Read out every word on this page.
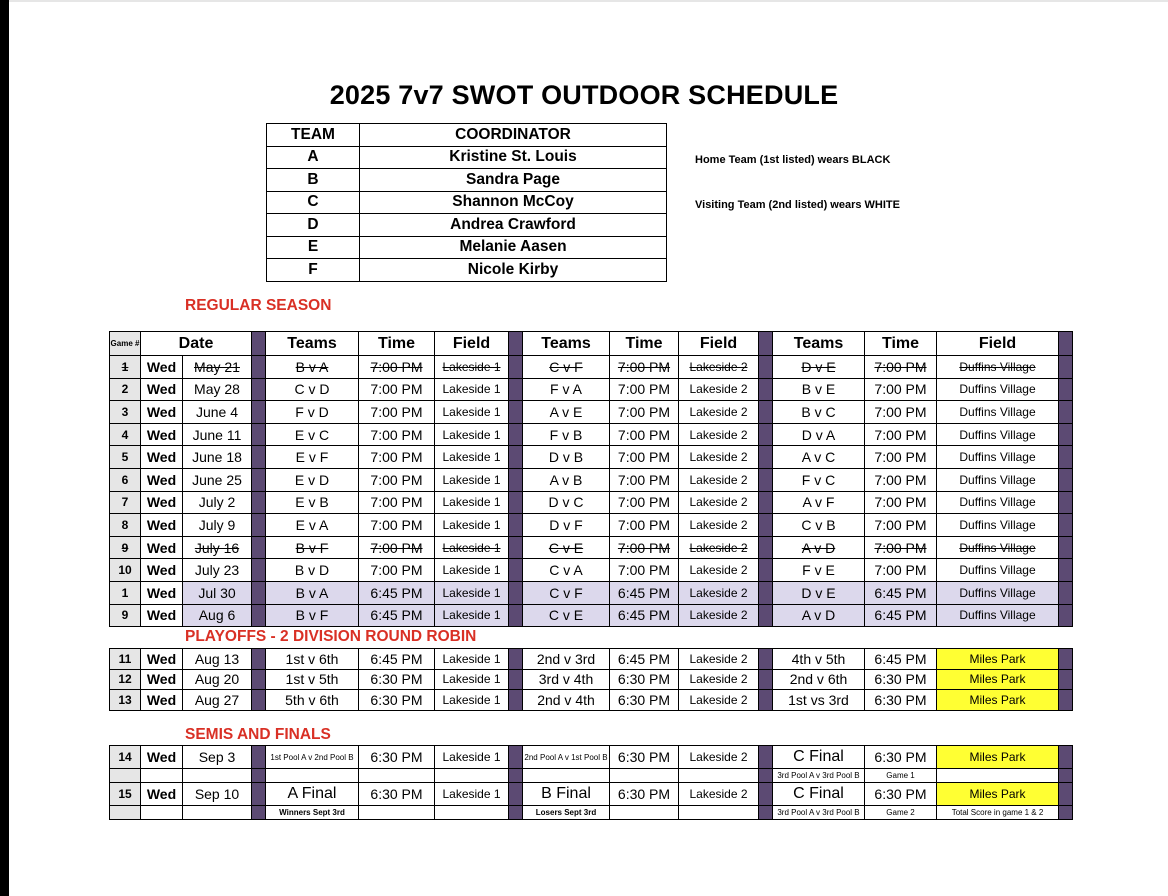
2025 7v7 SWOT OUTDOOR SCHEDULE
TEAM	COORDINATOR
A	Kristine St. Louis
B	Sandra Page
C	Shannon McCoy
D	Andrea Crawford
E	Melanie Aasen
F	Nicole Kirby
Home Team (1st listed) wears BLACK
Visiting Team (2nd listed) wears WHITE
REGULAR SEASON
Game #	Date			Teams	Time	Field		Teams	Time	Field		Teams	Time	Field	
1	Wed	May 21		B v A	7:00 PM	Lakeside 1		C v F	7:00 PM	Lakeside 2		D v E	7:00 PM	Duffins Village	
2	Wed	May 28		C v D	7:00 PM	Lakeside 1		F v A	7:00 PM	Lakeside 2		B v E	7:00 PM	Duffins Village	
3	Wed	June 4		F v D	7:00 PM	Lakeside 1		A v E	7:00 PM	Lakeside 2		B v C	7:00 PM	Duffins Village	
4	Wed	June 11		E v C	7:00 PM	Lakeside 1		F v B	7:00 PM	Lakeside 2		D v A	7:00 PM	Duffins Village	
5	Wed	June 18		E v F	7:00 PM	Lakeside 1		D v B	7:00 PM	Lakeside 2		A v C	7:00 PM	Duffins Village	
6	Wed	June 25		E v D	7:00 PM	Lakeside 1		A v B	7:00 PM	Lakeside 2		F v C	7:00 PM	Duffins Village	
7	Wed	July 2		E v B	7:00 PM	Lakeside 1		D v C	7:00 PM	Lakeside 2		A v F	7:00 PM	Duffins Village	
8	Wed	July 9		E v A	7:00 PM	Lakeside 1		D v F	7:00 PM	Lakeside 2		C v B	7:00 PM	Duffins Village	
9	Wed	July 16		B v F	7:00 PM	Lakeside 1		C v E	7:00 PM	Lakeside 2		A v D	7:00 PM	Duffins Village	
10	Wed	July 23		B v D	7:00 PM	Lakeside 1		C v A	7:00 PM	Lakeside 2		F v E	7:00 PM	Duffins Village	
1	Wed	Jul 30		B v A	6:45 PM	Lakeside 1		C v F	6:45 PM	Lakeside 2		D v E	6:45 PM	Duffins Village	
9	Wed	Aug 6		B v F	6:45 PM	Lakeside 1		C v E	6:45 PM	Lakeside 2		A v D	6:45 PM	Duffins Village	
PLAYOFFS - 2 DIVISION ROUND ROBIN
11	Wed	Aug 13		1st v 6th	6:45 PM	Lakeside 1		2nd v 3rd	6:45 PM	Lakeside 2		4th v 5th	6:45 PM	Miles Park	
12	Wed	Aug 20		1st v 5th	6:30 PM	Lakeside 1		3rd v 4th	6:30 PM	Lakeside 2		2nd v 6th	6:30 PM	Miles Park	
13	Wed	Aug 27		5th v 6th	6:30 PM	Lakeside 1		2nd v 4th	6:30 PM	Lakeside 2		1st vs 3rd	6:30 PM	Miles Park	
SEMIS AND FINALS
14	Wed	Sep 3		1st Pool A v 2nd Pool B	6:30 PM	Lakeside 1		2nd Pool A v 1st Pool B	6:30 PM	Lakeside 2		C Final	6:30 PM	Miles Park	
												3rd Pool A v 3rd Pool B	Game 1		
15	Wed	Sep 10		A Final	6:30 PM	Lakeside 1		B Final	6:30 PM	Lakeside 2		C Final	6:30 PM	Miles Park	
				Winners Sept 3rd				Losers Sept 3rd				3rd Pool A v 3rd Pool B	Game 2	Total Score in game 1 & 2	
